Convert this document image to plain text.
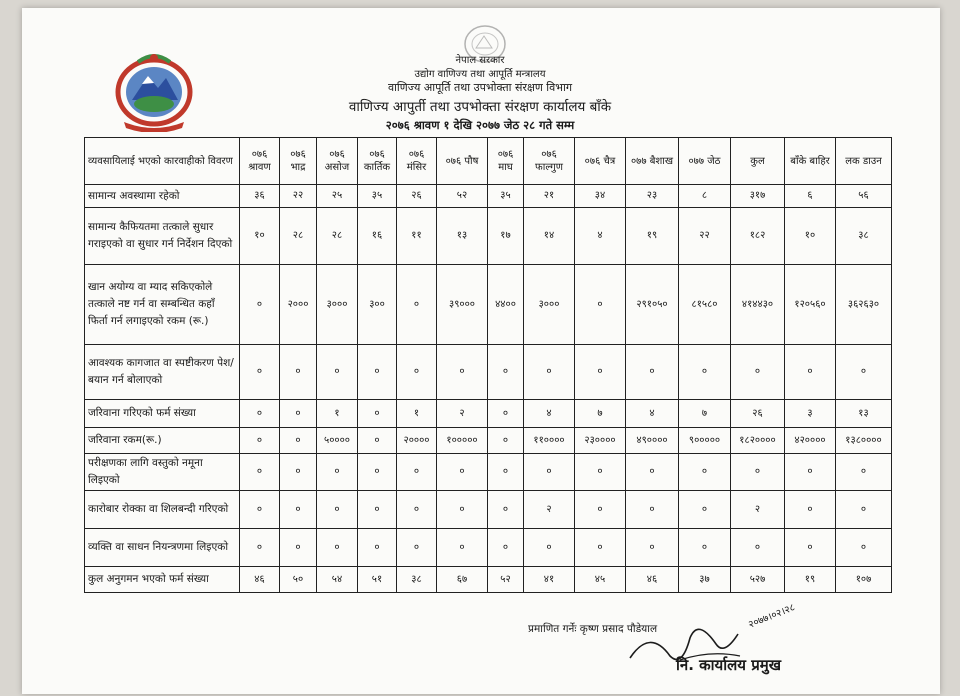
नेपाल सरकार
उद्योग वाणिज्य तथा आपूर्ति मन्त्रालय
वाणिज्य आपूर्ति तथा उपभोक्ता संरक्षण विभाग
वाणिज्य आपुर्ती तथा उपभोक्ता संरक्षण कार्यालय बाँके
२०७६ श्रावण १ देखि २०७७ जेठ २८ गते सम्म
व्यवसायिलाई भएको कारवाहीको विवरण	०७६ श्रावण	०७६ भाद्र	०७६ असोज	०७६ कार्तिक	०७६ मंसिर	०७६ पौष	०७६ माघ	०७६ फाल्गुण	०७६ चैत्र	०७७ बैशाख	०७७ जेठ	कुल	बाँके बाहिर	लक डाउन
सामान्य अवस्थामा रहेको	३६	२२	२५	३५	२६	५२	३५	२१	३४	२३	८	३१७	६	५६
सामान्य कैफियतमा तत्काले सुधार गराइएको वा सुधार गर्न निर्देशन दिएको	१०	२८	२८	१६	११	१३	१७	१४	४	१९	२२	१८२	१०	३८
खान अयोग्य वा म्याद सकिएकोले तत्काले नष्ट गर्न वा सम्बन्धित कहाँ फिर्ता गर्न लगाइएको रकम (रू.)	०	२०००	३०००	३००	०	३९०००	४४००	३०००	०	२९१०५०	८१५८०	४१४४३०	१२०५६०	३६२६३०
आवश्यक कागजात वा स्पष्टीकरण पेश/बयान गर्न बोलाएको	०	०	०	०	०	०	०	०	०	०	०	०	०	०
जरिवाना गरिएको फर्म संख्या	०	०	१	०	१	२	०	४	७	४	७	२६	३	१३
जरिवाना रकम(रू.)	०	०	५००००	०	२००००	१०००००	०	११००००	२३००००	४९००००	९०००००	१८२००००	४२००००	१३८००००
परीक्षणका लागि वस्तुको नमूना लिइएको	०	०	०	०	०	०	०	०	०	०	०	०	०	०
कारोबार रोक्का वा शिलबन्दी गरिएको	०	०	०	०	०	०	०	२	०	०	०	२	०	०
व्यक्ति वा साधन नियन्त्रणमा लिइएको	०	०	०	०	०	०	०	०	०	०	०	०	०	०
कुल अनुगमन भएको फर्म संख्या	४६	५०	५४	५१	३८	६७	५२	४१	४५	४६	३७	५२७	१९	१०७
प्रमाणित गर्नेः कृष्ण प्रसाद पौडेयाल	२०७७।०२।२८
नि. कार्यालय प्रमुख
